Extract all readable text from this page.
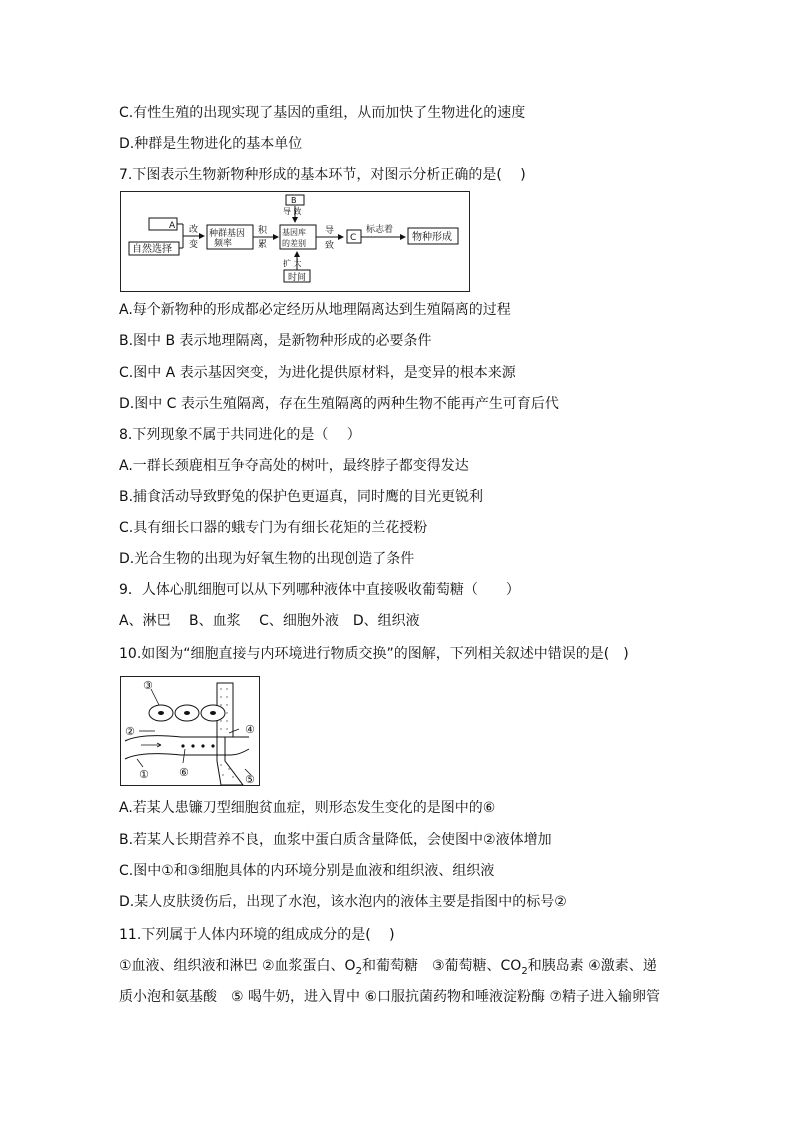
C.有性生殖的出现实现了基因的重组，从而加快了生物进化的速度
D.种群是生物进化的基本单位
7.下图表示生物新物种形成的基本环节，对图示分析正确的是(　 )
A
自然选择
改
变
种群基因
频率
积
累
B
导 致
基因库
的差别
扩 大
时间
导
致
C
标志着
物种形成
A.每个新物种的形成都必定经历从地理隔离达到生殖隔离的过程
B.图中 B 表示地理隔离，是新物种形成的必要条件
C.图中 A 表示基因突变，为进化提供原材料，是变异的根本来源
D.图中 C 表示生殖隔离，存在生殖隔离的两种生物不能再产生可育后代
8.下列现象不属于共同进化的是（　 ）
A.一群长颈鹿相互争夺高处的树叶，最终脖子都变得发达
B.捕食活动导致野兔的保护色更逼真，同时鹰的目光更锐利
C.具有细长口器的蛾专门为有细长花矩的兰花授粉
D.光合生物的出现为好氧生物的出现创造了条件
9．人体心肌细胞可以从下列哪种液体中直接吸收葡萄糖（　　）
A、淋巴　 B、血浆　 C、细胞外液　D、组织液
10.如图为“细胞直接与内环境进行物质交换”的图解，下列相关叙述中错误的是(　)
③
②	④
①	⑥
⑤
A.若某人患镰刀型细胞贫血症，则形态发生变化的是图中的⑥
B.若某人长期营养不良，血浆中蛋白质含量降低，会使图中②液体增加
C.图中①和③细胞具体的内环境分别是血液和组织液、组织液
D.某人皮肤烫伤后，出现了水泡，该水泡内的液体主要是指图中的标号②
11.下列属于人体内环境的组成成分的是(　 )
①血液、组织液和淋巴 ②血浆蛋白、$O_2$和葡萄糖　③葡萄糖、$CO_2$和胰岛素 ④激素、递
质小泡和氨基酸　⑤ 喝牛奶，进入胃中 ⑥口服抗菌药物和唾液淀粉酶 ⑦精子进入输卵管
